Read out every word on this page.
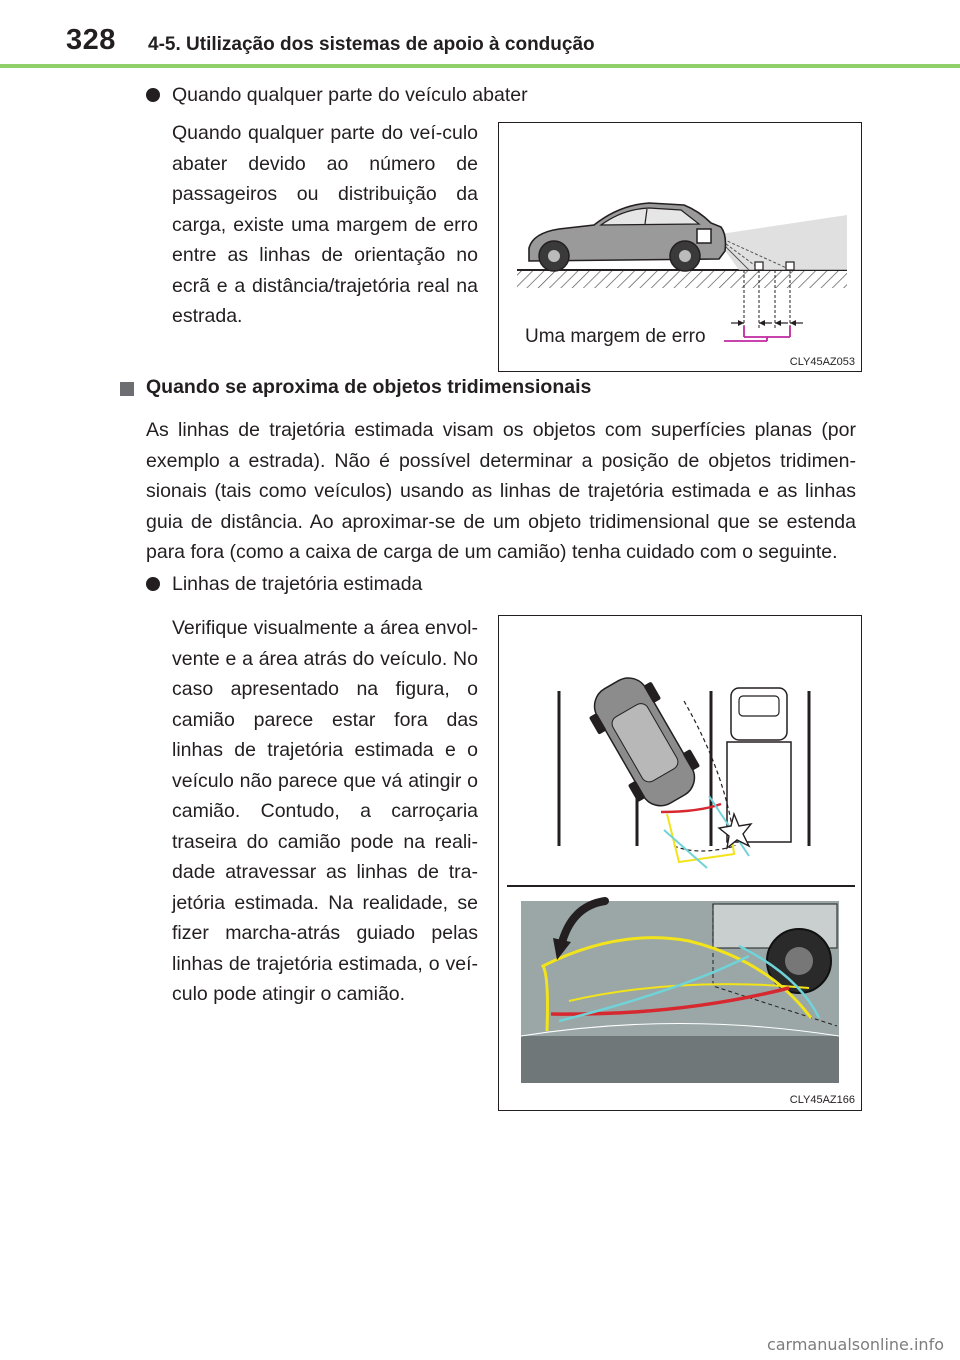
328 4-5. Utilização dos sistemas de apoio à condução
Quando qualquer parte do veículo abater

Quando qualquer parte do veí-culo abater devido ao número de passageiros ou distribuição da carga, existe uma margem de erro entre as linhas de orientação no ecrã e a distância/trajetória real na estrada.

Uma margem de erro
CLY45AZ053
Quando se aproxima de objetos tridimensionais

As linhas de trajetória estimada visam os objetos com superfícies planas (por exemplo a estrada). Não é possível determinar a posição de objetos tridimen-sionais (tais como veículos) usando as linhas de trajetória estimada e as linhas guia de distância. Ao aproximar-se de um objeto tridimensional que se estenda para fora (como a caixa de carga de um camião) tenha cuidado com o seguinte.

Linhas de trajetória estimada

Verifique visualmente a área envol-vente e a área atrás do veículo. No caso apresentado na figura, o camião parece estar fora das linhas de trajetória estimada e o veículo não parece que vá atingir o camião. Contudo, a carroçaria traseira do camião pode na reali-dade atravessar as linhas de tra-jetória estimada. Na realidade, se fizer marcha-atrás guiado pelas linhas de trajetória estimada, o veí-culo pode atingir o camião.

CLY45AZ166
carmanualsonline.info
